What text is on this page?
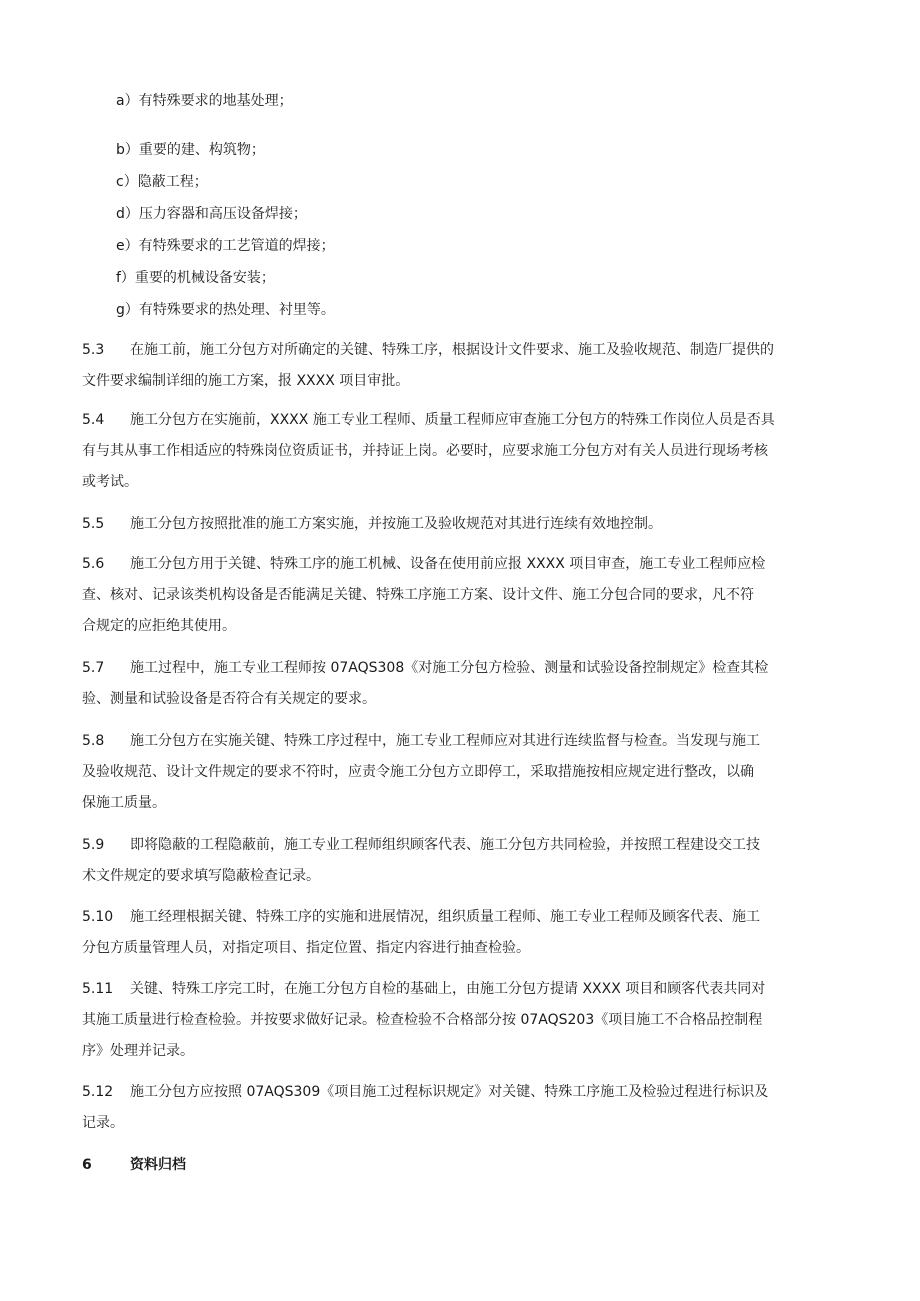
a）有特殊要求的地基处理；
b）重要的建、构筑物；
c）隐蔽工程；
d）压力容器和高压设备焊接；
e）有特殊要求的工艺管道的焊接；
f）重要的机械设备安装；
g）有特殊要求的热处理、衬里等。
5.3 在施工前，施工分包方对所确定的关键、特殊工序，根据设计文件要求、施工及验收规范、制造厂提供的
文件要求编制详细的施工方案，报 XXXX 项目审批。
5.4 施工分包方在实施前，XXXX 施工专业工程师、质量工程师应审查施工分包方的特殊工作岗位人员是否具
有与其从事工作相适应的特殊岗位资质证书，并持证上岗。必要时，应要求施工分包方对有关人员进行现场考核
或考试。
5.5 施工分包方按照批准的施工方案实施，并按施工及验收规范对其进行连续有效地控制。
5.6 施工分包方用于关键、特殊工序的施工机械、设备在使用前应报 XXXX 项目审查，施工专业工程师应检
查、核对、记录该类机构设备是否能满足关键、特殊工序施工方案、设计文件、施工分包合同的要求，凡不符
合规定的应拒绝其使用。
5.7 施工过程中，施工专业工程师按 07AQS308《对施工分包方检验、测量和试验设备控制规定》检查其检
验、测量和试验设备是否符合有关规定的要求。
5.8 施工分包方在实施关键、特殊工序过程中，施工专业工程师应对其进行连续监督与检查。当发现与施工
及验收规范、设计文件规定的要求不符时，应责令施工分包方立即停工，采取措施按相应规定进行整改，以确
保施工质量。
5.9 即将隐蔽的工程隐蔽前，施工专业工程师组织顾客代表、施工分包方共同检验，并按照工程建设交工技
术文件规定的要求填写隐蔽检查记录。
5.10 施工经理根据关键、特殊工序的实施和进展情况，组织质量工程师、施工专业工程师及顾客代表、施工
分包方质量管理人员，对指定项目、指定位置、指定内容进行抽查检验。
5.11 关键、特殊工序完工时，在施工分包方自检的基础上，由施工分包方提请 XXXX 项目和顾客代表共同对
其施工质量进行检查检验。并按要求做好记录。检查检验不合格部分按 07AQS203《项目施工不合格品控制程
序》处理并记录。
5.12 施工分包方应按照 07AQS309《项目施工过程标识规定》对关键、特殊工序施工及检验过程进行标识及
记录。
6	资料归档
